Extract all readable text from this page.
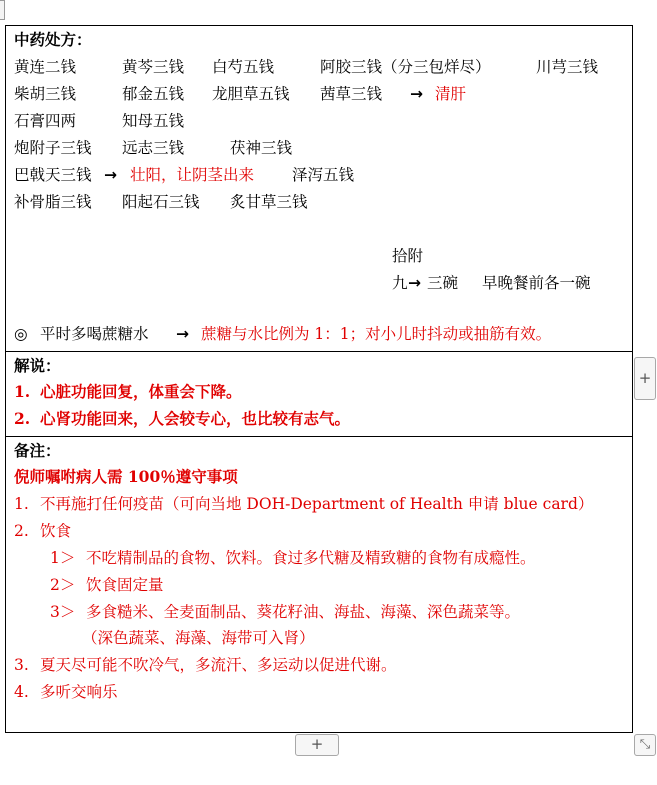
中药处方：
黄连二钱	黄芩三钱 白芍五钱	阿胶三钱（分三包烊尽）	川芎三钱
柴胡三钱	郁金五钱 龙胆草五钱 茜草三钱 → 清肝
石膏四两	知母五钱
炮附子三钱 远志三钱	茯神三钱
巴戟天三钱 → 壮阳，让阴茎出来 泽泻五钱
补骨脂三钱 阳起石三钱 炙甘草三钱
拾附
九 → 三碗 早晚餐前各一碗
◎ 平时多喝蔗糖水 → 蔗糖与水比例为 1：1；对小儿时抖动或抽筋有效。
解说：
1. 心脏功能回复，体重会下降。
2. 心肾功能回来，人会较专心，也比较有志气。
备注：
倪师嘱咐病人需 100％遵守事项
1. 不再施打任何疫苗（可向当地 DOH-Department of Health 申请 blue card）
2. 饮食
1＞ 不吃精制品的食物、饮料。食过多代糖及精致糖的食物有成瘾性。
2＞ 饮食固定量
3＞ 多食糙米、全麦面制品、葵花籽油、海盐、海藻、深色蔬菜等。
（深色蔬菜、海藻、海带可入肾）
3. 夏天尽可能不吹冷气，多流汗、多运动以促进代谢。
4. 多听交响乐
+
+	⤡
